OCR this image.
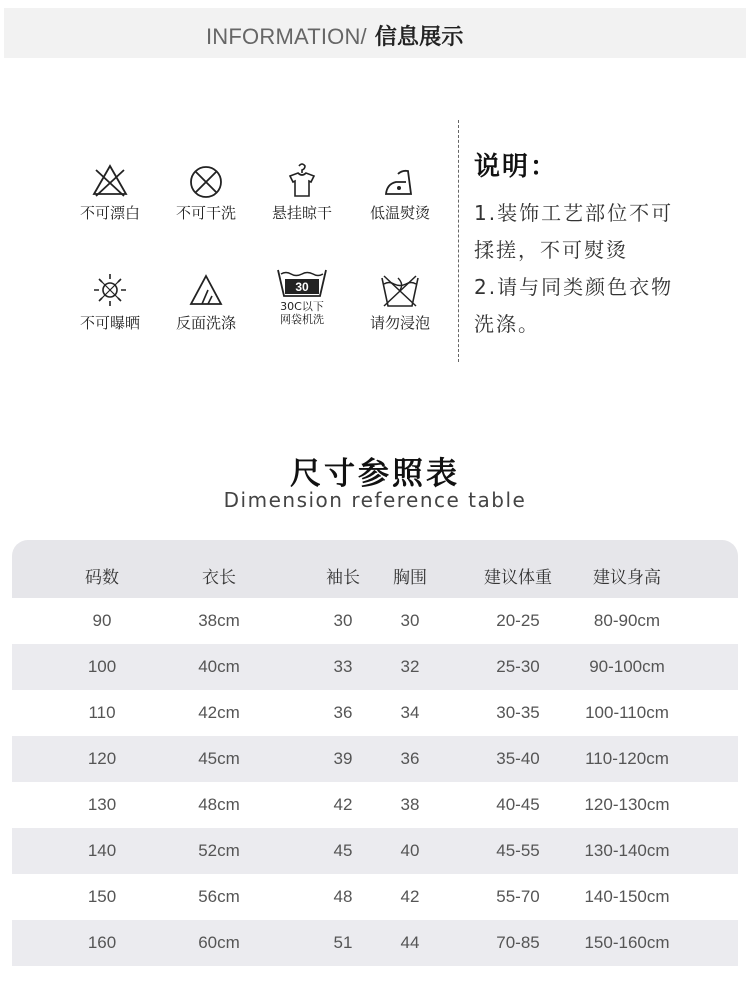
INFORMATION/ 信息展示
不可漂白	不可干洗	悬挂晾干	低温熨烫
不可曝晒	反面洗涤
30
30C以下
网袋机洗	请勿浸泡
说明：
1.装饰工艺部位不可
揉搓，不可熨烫
2.请与同类颜色衣物
洗涤。
尺寸参照表
Dimension reference table
码数	衣长	袖长	胸围	建议体重	建议身高
90	38cm	30	30	20-25	80-90cm
100	40cm	33	32	25-30	90-100cm
110	42cm	36	34	30-35	100-110cm
120	45cm	39	36	35-40	110-120cm
130	48cm	42	38	40-45	120-130cm
140	52cm	45	40	45-55	130-140cm
150	56cm	48	42	55-70	140-150cm
160	60cm	51	44	70-85	150-160cm
